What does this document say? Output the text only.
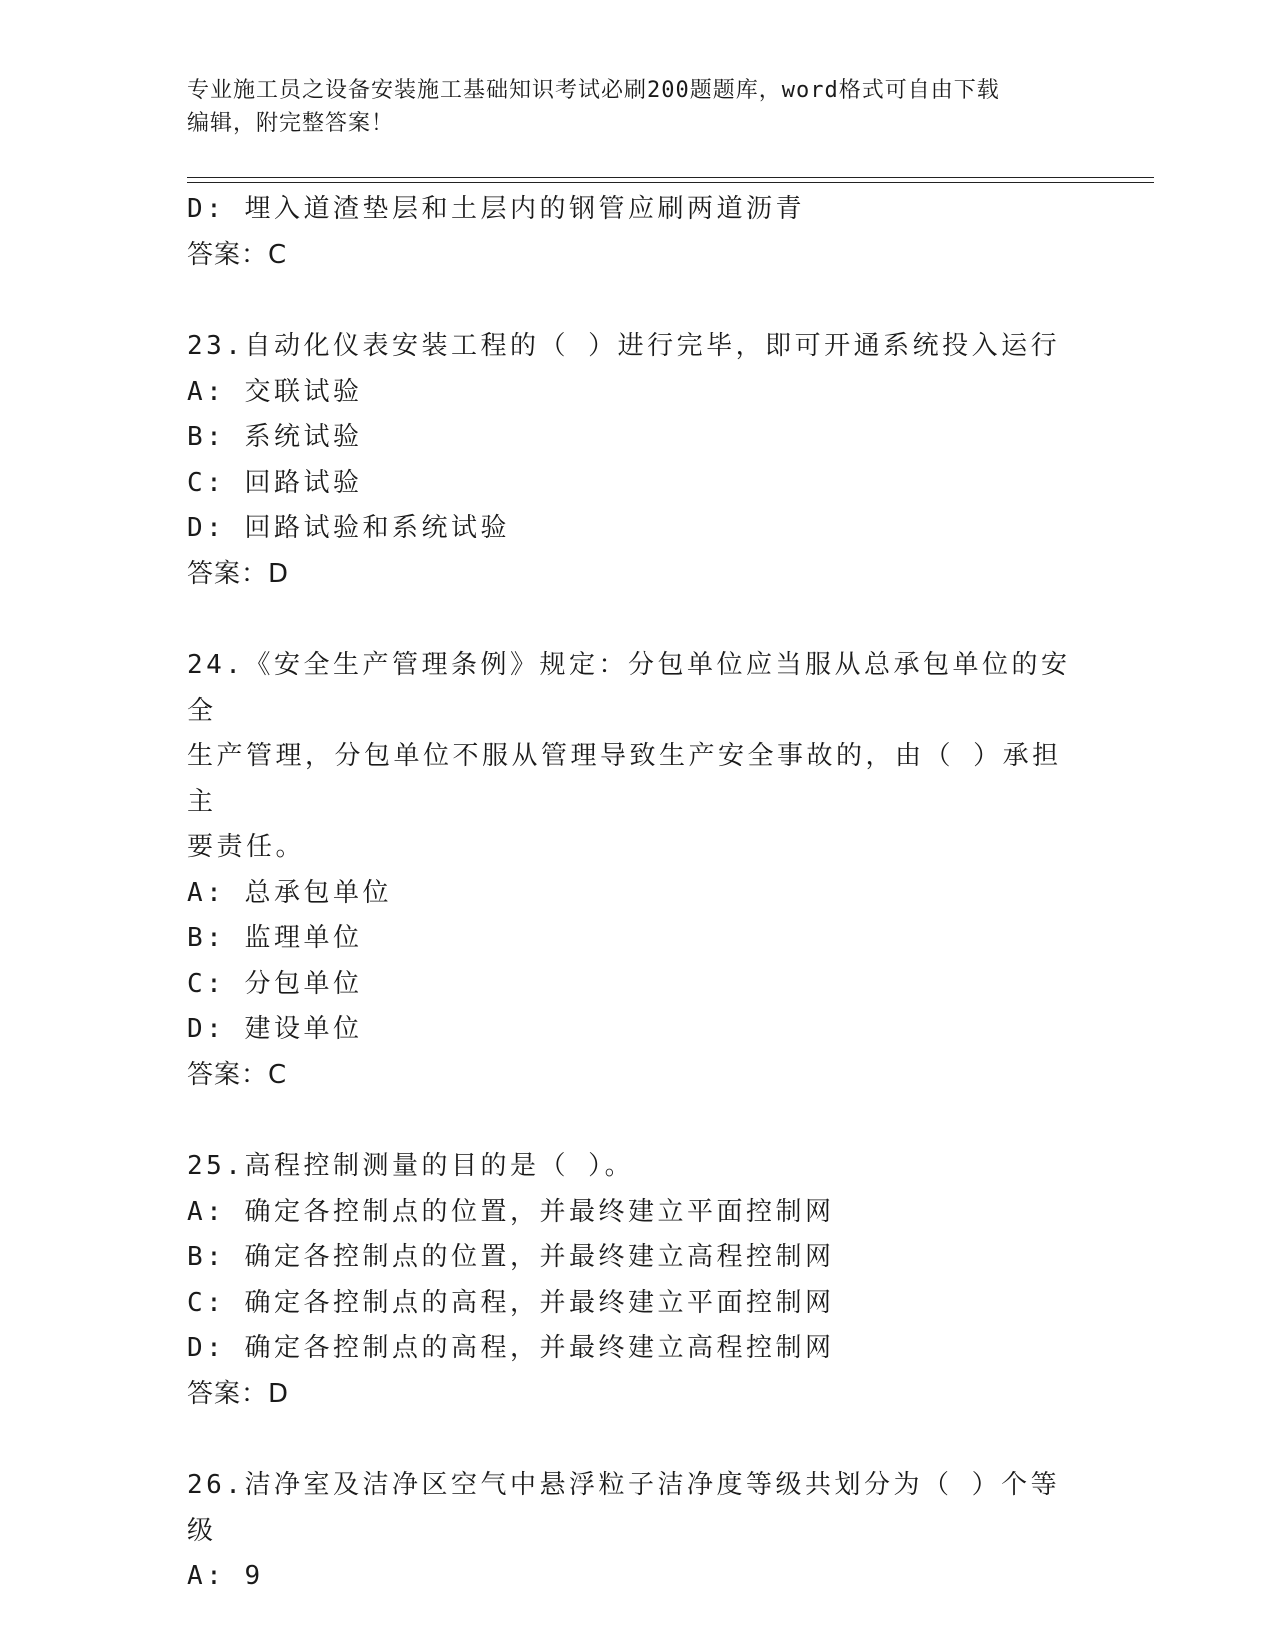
专业施工员之设备安装施工基础知识考试必刷200题题库，word格式可自由下载
编辑，附完整答案！
D: 埋入道渣垫层和土层内的钢管应刷两道沥青
答案：C
23.自动化仪表安装工程的（ ）进行完毕，即可开通系统投入运行
A: 交联试验
B: 系统试验
C: 回路试验
D: 回路试验和系统试验
答案：D
24.《安全生产管理条例》规定：分包单位应当服从总承包单位的安全
生产管理，分包单位不服从管理导致生产安全事故的，由（ ）承担主
要责任。
A: 总承包单位
B: 监理单位
C: 分包单位
D: 建设单位
答案：C
25.高程控制测量的目的是（ ）。
A: 确定各控制点的位置，并最终建立平面控制网
B: 确定各控制点的位置，并最终建立高程控制网
C: 确定各控制点的高程，并最终建立平面控制网
D: 确定各控制点的高程，并最终建立高程控制网
答案：D
26.洁净室及洁净区空气中悬浮粒子洁净度等级共划分为（ ）个等级
A: 9
